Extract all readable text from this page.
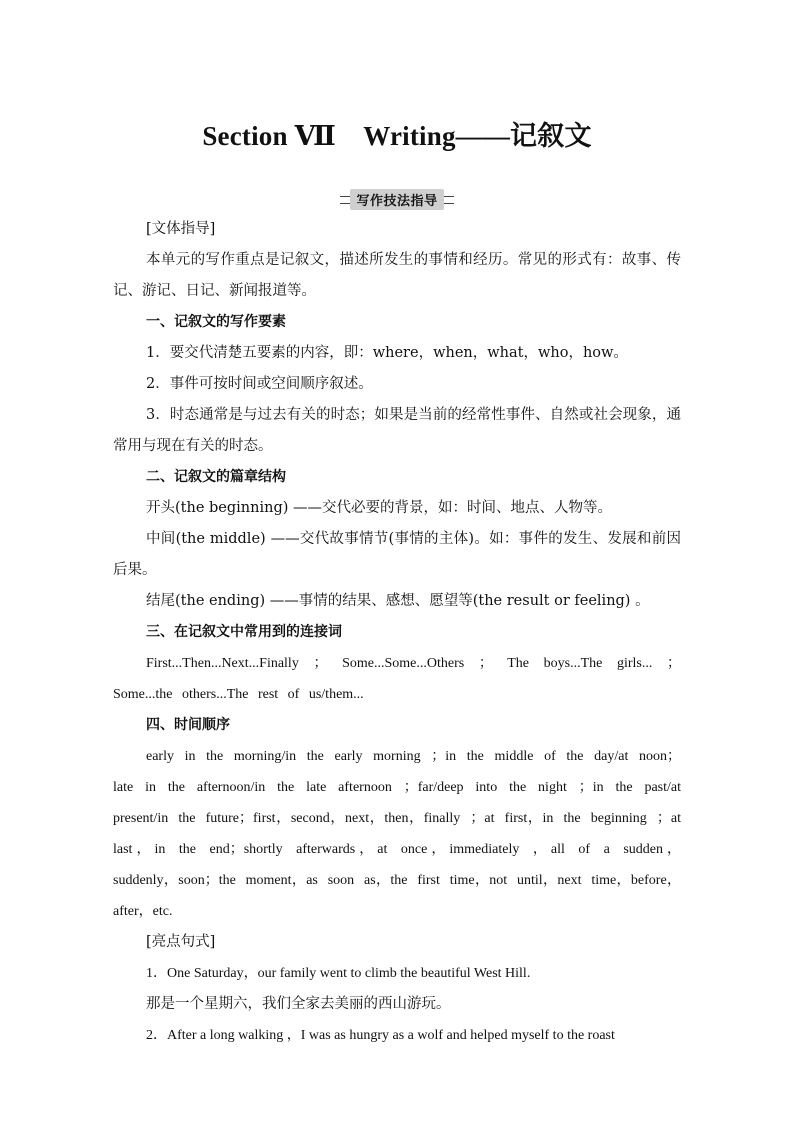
Section Ⅶ　Writing——记叙文
写作技法指导

[文体指导]

本单元的写作重点是记叙文，描述所发生的事情和经历。常见的形式有：故事、传记、游记、日记、新闻报道等。

一、记叙文的写作要素

1．要交代清楚五要素的内容，即：where，when，what，who，how。

2．事件可按时间或空间顺序叙述。

3．时态通常是与过去有关的时态；如果是当前的经常性事件、自然或社会现象，通常用与现在有关的时态。

二、记叙文的篇章结构

开头(the beginning) ——交代必要的背景，如：时间、地点、人物等。

中间(the middle) ——交代故事情节(事情的主体)。如：事件的发生、发展和前因后果。

结尾(the ending) ——事情的结果、感想、愿望等(the result or feeling) 。

三、在记叙文中常用到的连接词

First...Then...Next...Finally ； Some...Some...Others ； The boys...The girls... ； Some...the others...The rest of us/them...

四、时间顺序

early in the morning/in the early morning ；in the middle of the day/at noon；late in the afternoon/in the late afternoon ；far/deep into the night ；in the past/at present/in the future；first，second，next，then，finally ；at first，in the beginning ；at last，in the end；shortly afterwards，at once，immediately ，all of a sudden，suddenly，soon；the moment，as soon as，the first time，not until，next time，before，after，etc.

[亮点句式]

1．One Saturday，our family went to climb the beautiful West Hill.

那是一个星期六，我们全家去美丽的西山游玩。

2．After a long walking ，I was as hungry as a wolf and helped myself to the roast
